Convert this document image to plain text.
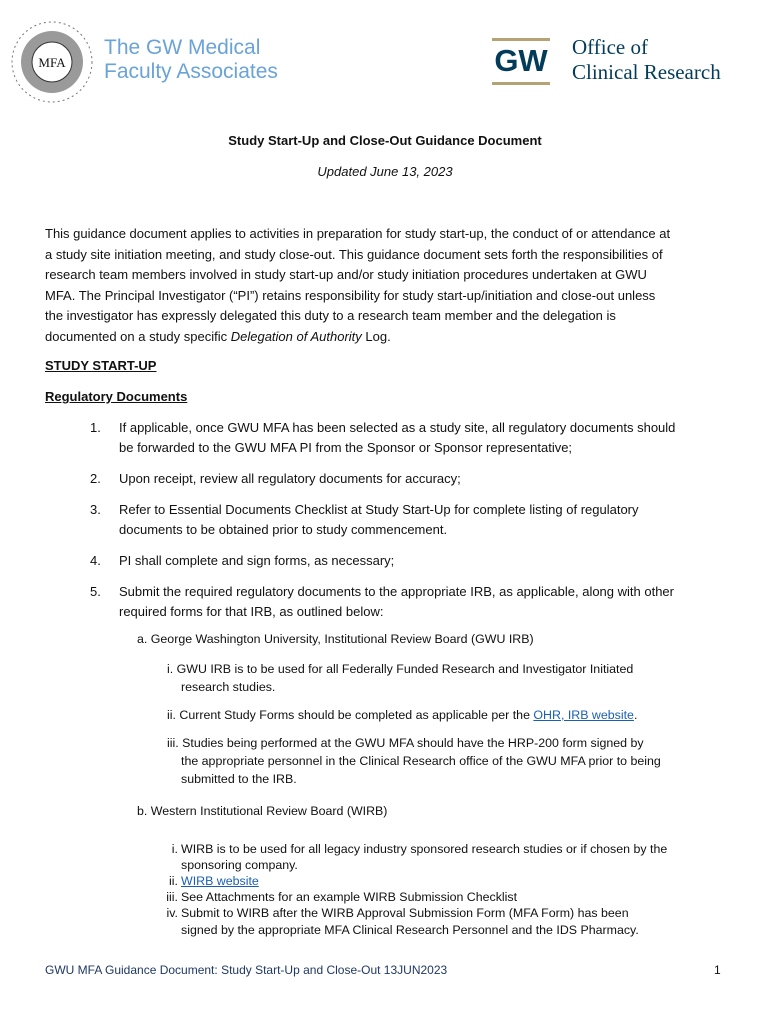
MFA
The GW Medical
Faculty Associates	GW Office of
Clinical Research
Study Start-Up and Close-Out Guidance Document
Updated June 13, 2023
This guidance document applies to activities in preparation for study start-up, the conduct of or attendance at
a study site initiation meeting, and study close-out. This guidance document sets forth the responsibilities of
research team members involved in study start-up and/or study initiation procedures undertaken at GWU
MFA. The Principal Investigator (“PI”) retains responsibility for study start-up/initiation and close-out unless
the investigator has expressly delegated this duty to a research team member and the delegation is
documented on a study specific Delegation of Authority Log.
STUDY START-UP
Regulatory Documents
1. If applicable, once GWU MFA has been selected as a study site, all regulatory documents should
be forwarded to the GWU MFA PI from the Sponsor or Sponsor representative;
2. Upon receipt, review all regulatory documents for accuracy;
3. Refer to Essential Documents Checklist at Study Start-Up for complete listing of regulatory
documents to be obtained prior to study commencement.
4. PI shall complete and sign forms, as necessary;
5. Submit the required regulatory documents to the appropriate IRB, as applicable, along with other
required forms for that IRB, as outlined below:
a. George Washington University, Institutional Review Board (GWU IRB)
i. GWU IRB is to be used for all Federally Funded Research and Investigator Initiated
research studies.
ii. Current Study Forms should be completed as applicable per the OHR, IRB website.
iii. Studies being performed at the GWU MFA should have the HRP-200 form signed by
the appropriate personnel in the Clinical Research office of the GWU MFA prior to being
submitted to the IRB.
b. Western Institutional Review Board (WIRB)
i. WIRB is to be used for all legacy industry sponsored research studies or if chosen by the
sponsoring company.
ii. WIRB website
iii. See Attachments for an example WIRB Submission Checklist
iv. Submit to WIRB after the WIRB Approval Submission Form (MFA Form) has been
signed by the appropriate MFA Clinical Research Personnel and the IDS Pharmacy.
GWU MFA Guidance Document: Study Start-Up and Close-Out 13JUN2023	1
